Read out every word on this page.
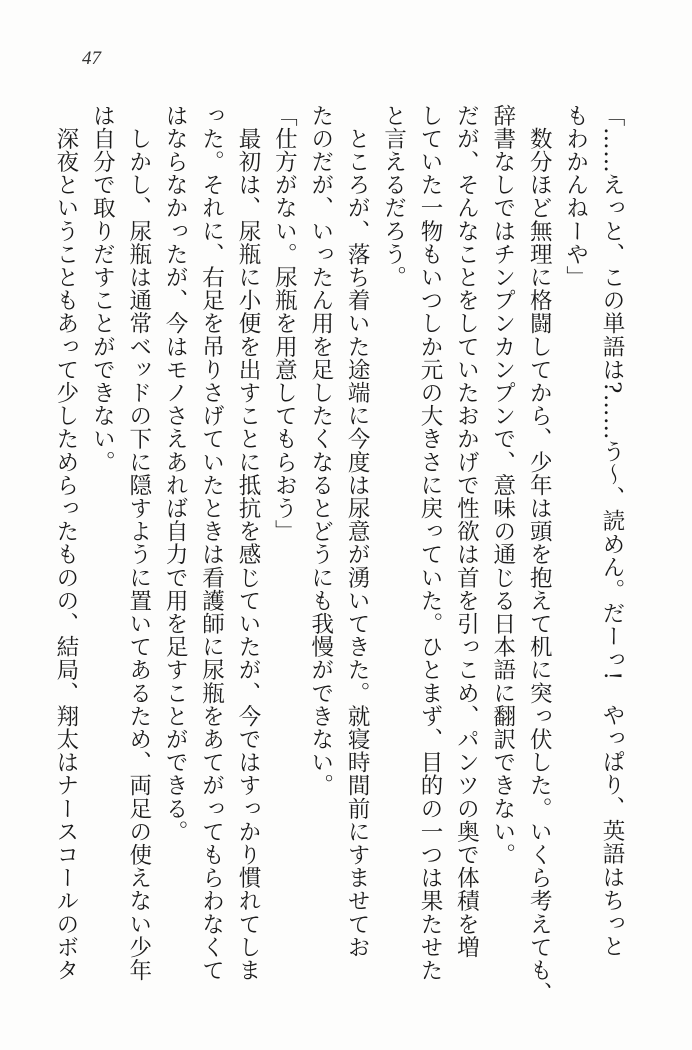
47
「……えっと、この単語は?……う〜、読めん。だーっ!　やっぱり、英語はちっと
もわかんねーや」
　数分ほど無理に格闘してから、少年は頭を抱えて机に突っ伏した。いくら考えても、
辞書なしではチンプンカンプンで、意味の通じる日本語に翻訳できない。
だが、そんなことをしていたおかげで性欲は首を引っこめ、パンツの奥で体積を増
していた一物もいつしか元の大きさに戻っていた。ひとまず、目的の一つは果たせた
と言えるだろう。
　ところが、落ち着いた途端に今度は尿意が湧いてきた。就寝時間前にすませてお
たのだが、いったん用を足したくなるとどうにも我慢ができない。
「仕方がない。尿瓶を用意してもらおう」
　最初は、尿瓶に小便を出すことに抵抗を感じていたが、今ではすっかり慣れてしま
った。それに、右足を吊りさげていたときは看護師に尿瓶をあてがってもらわなくて
はならなかったが、今はモノさえあれば自力で用を足すことができる。
　しかし、尿瓶は通常ベッドの下に隠すように置いてあるため、両足の使えない少年
は自分で取りだすことができない。
　深夜ということもあって少しためらったものの、結局、翔太はナースコールのボタ
